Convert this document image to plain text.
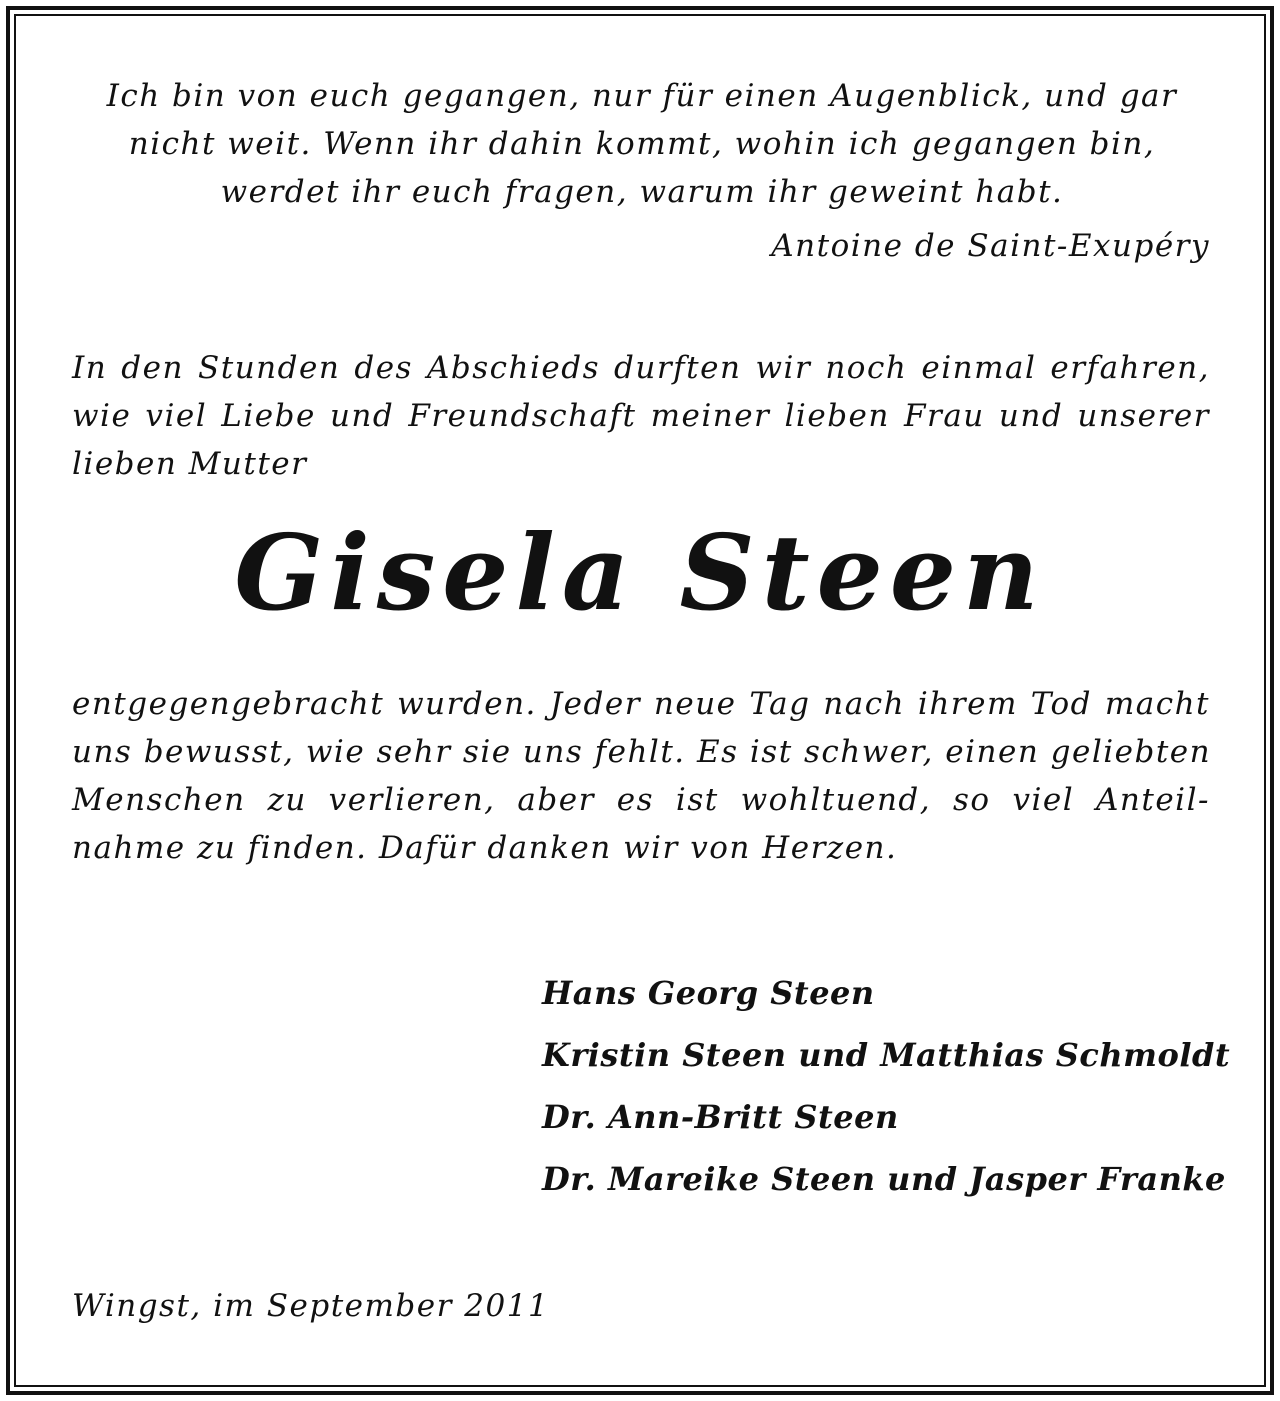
Ich bin von euch gegangen, nur für einen Augenblick, und gar
nicht weit. Wenn ihr dahin kommt, wohin ich gegangen bin,
werdet ihr euch fragen, warum ihr geweint habt.

Antoine de Saint-Exupéry

In den Stunden des Abschieds durften wir noch einmal erfahren,
wie viel Liebe und Freundschaft meiner lieben Frau und unserer
lieben Mutter

Gisela Steen

entgegengebracht wurden. Jeder neue Tag nach ihrem Tod macht
uns bewusst, wie sehr sie uns fehlt. Es ist schwer, einen geliebten
Menschen zu verlieren, aber es ist wohltuend, so viel Anteil-
nahme zu finden. Dafür danken wir von Herzen.

Hans Georg Steen
Kristin Steen und Matthias Schmoldt
Dr. Ann-Britt Steen
Dr. Mareike Steen und Jasper Franke

Wingst, im September 2011
